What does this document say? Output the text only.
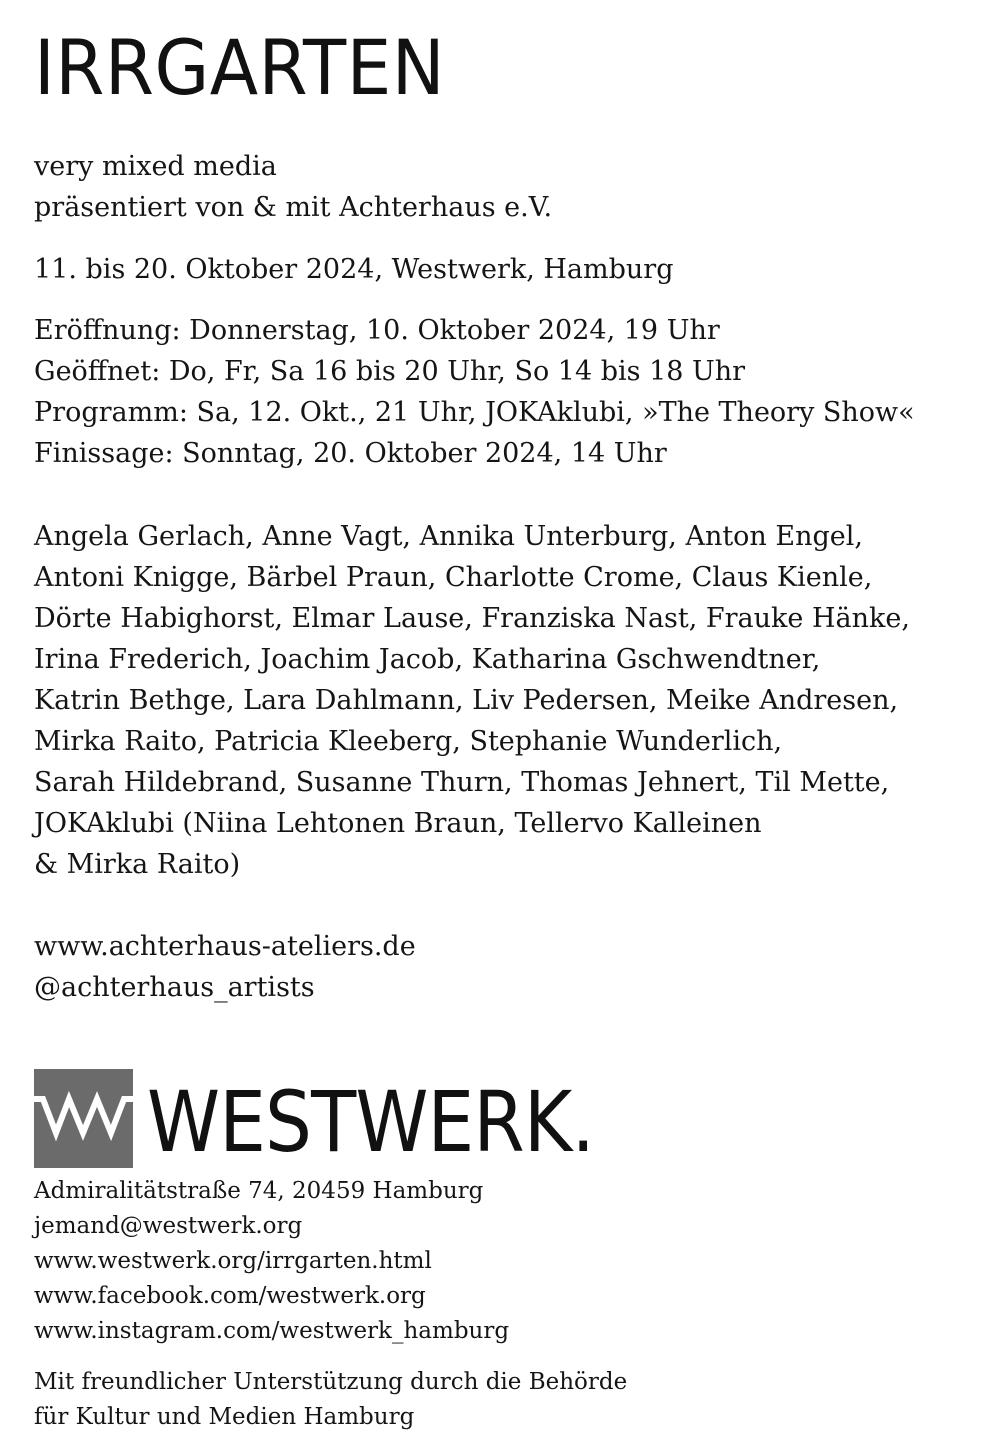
IRRGARTEN
very mixed media
präsentiert von & mit Achterhaus e.V.
11. bis 20. Oktober 2024, Westwerk, Hamburg
Eröffnung: Donnerstag, 10. Oktober 2024, 19 Uhr
Geöffnet: Do, Fr, Sa 16 bis 20 Uhr, So 14 bis 18 Uhr
Programm: Sa, 12. Okt., 21 Uhr, JOKAklubi, »The Theory Show«
Finissage: Sonntag, 20. Oktober 2024, 14 Uhr
Angela Gerlach, Anne Vagt, Annika Unterburg, Anton Engel,
Antoni Knigge, Bärbel Praun, Charlotte Crome, Claus Kienle,
Dörte Habighorst, Elmar Lause, Franziska Nast, Frauke Hänke,
Irina Frederich, Joachim Jacob, Katharina Gschwendtner,
Katrin Bethge, Lara Dahlmann, Liv Pedersen, Meike Andresen,
Mirka Raito, Patricia Kleeberg, Stephanie Wunderlich,
Sarah Hildebrand, Susanne Thurn, Thomas Jehnert, Til Mette,
JOKAklubi (Niina Lehtonen Braun, Tellervo Kalleinen
& Mirka Raito)
www.achterhaus-ateliers.de
@achterhaus_artists
WESTWERK.
Admiralitätstraße 74, 20459 Hamburg
jemand@westwerk.org
www.westwerk.org/irrgarten.html
www.facebook.com/westwerk.org
www.instagram.com/westwerk_hamburg
Mit freundlicher Unterstützung durch die Behörde
für Kultur und Medien Hamburg
